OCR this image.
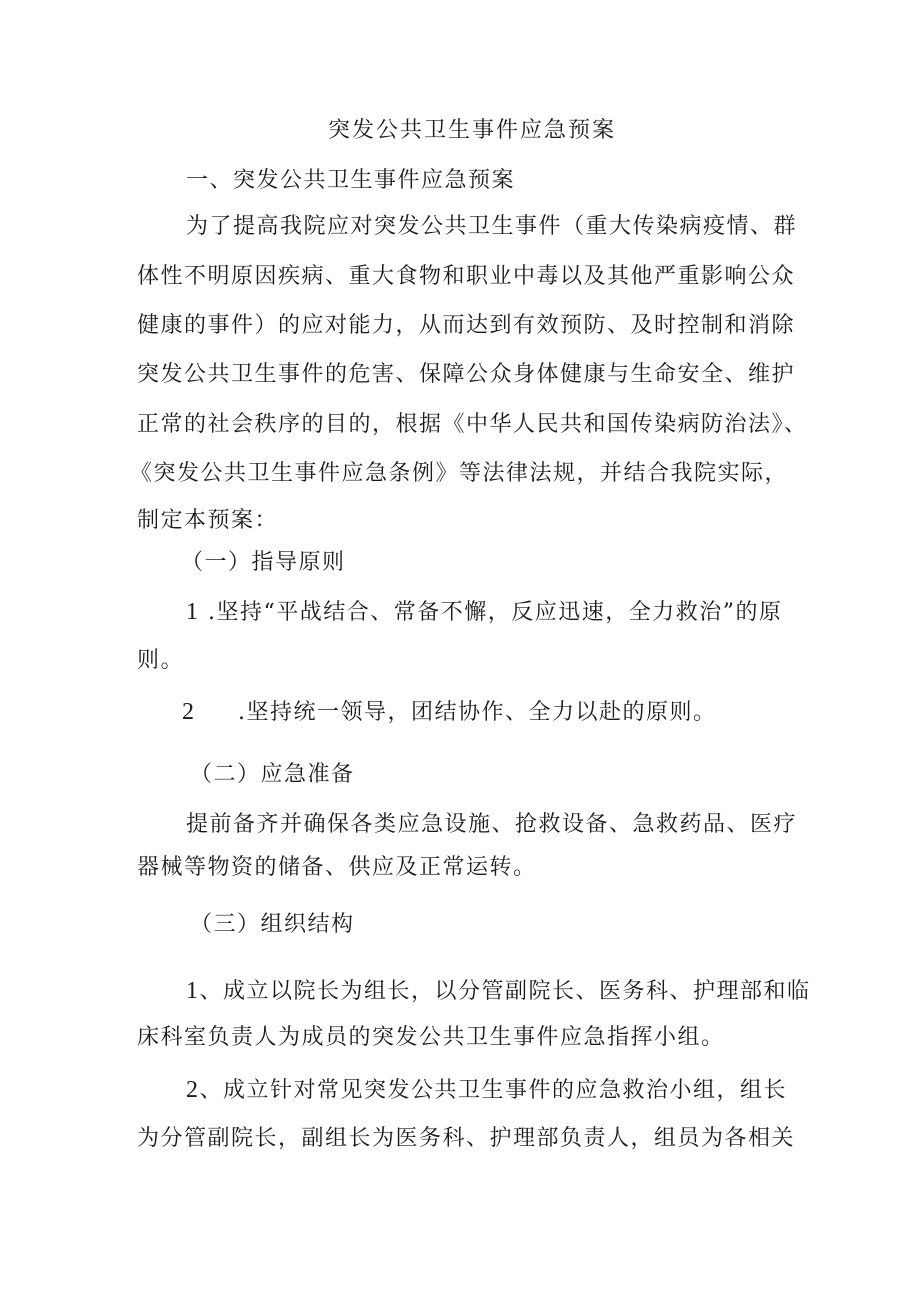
突发公共卫生事件应急预案
一、突发公共卫生事件应急预案
为了提高我院应对突发公共卫生事件（重大传染病疫情、群
体性不明原因疾病、重大食物和职业中毒以及其他严重影响公众
健康的事件）的应对能力，从而达到有效预防、及时控制和消除
突发公共卫生事件的危害、保障公众身体健康与生命安全、维护
正常的社会秩序的目的，根据《中华人民共和国传染病防治法》、
《突发公共卫生事件应急条例》等法律法规，并结合我院实际，
制定本预案：
（一）指导原则
1 .坚持“平战结合、常备不懈，反应迅速，全力救治”的原
则。
2 .坚持统一领导，团结协作、全力以赴的原则。
（二）应急准备
提前备齐并确保各类应急设施、抢救设备、急救药品、医疗
器械等物资的储备、供应及正常运转。
（三）组织结构
1、成立以院长为组长，以分管副院长、医务科、护理部和临
床科室负责人为成员的突发公共卫生事件应急指挥小组。
2、成立针对常见突发公共卫生事件的应急救治小组，组长
为分管副院长，副组长为医务科、护理部负责人，组员为各相关
